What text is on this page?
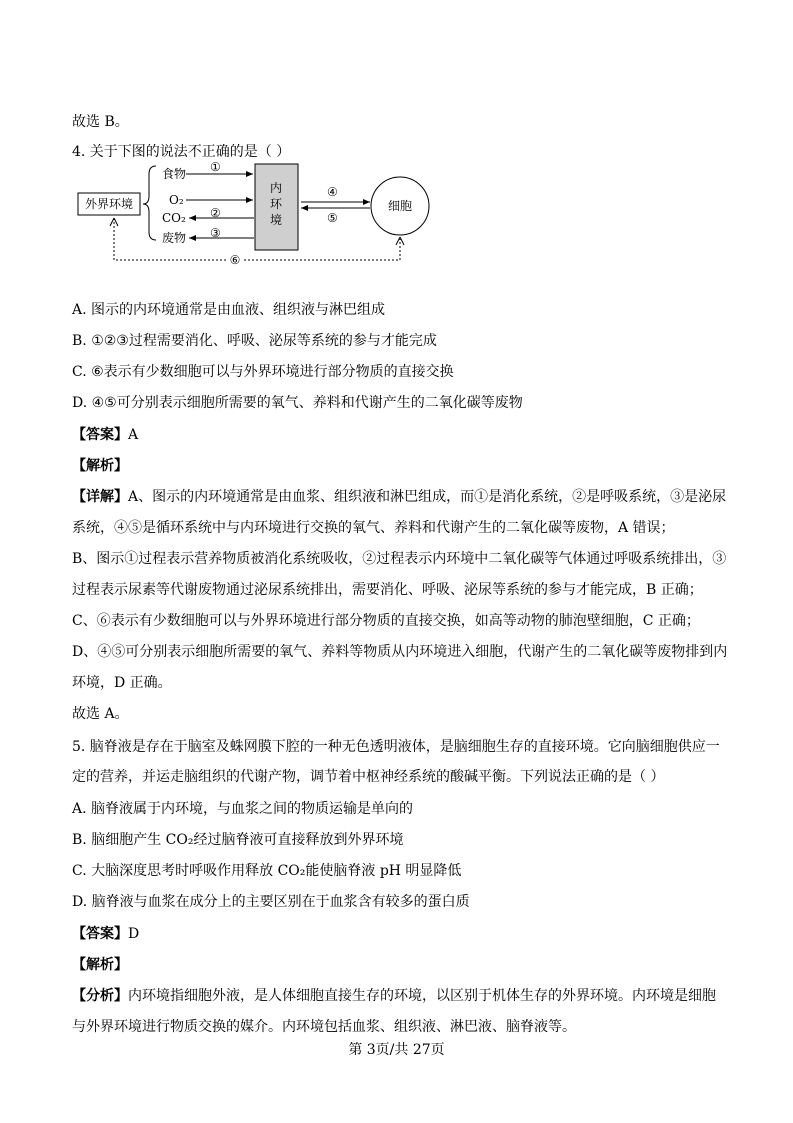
故选 B。
4. 关于下图的说法不正确的是（ ）
外界环境
食物
O₂
CO₂
废物
①
②
③
内
环
境
④
⑤
细胞
⑥
A. 图示的内环境通常是由血液、组织液与淋巴组成
B. ①②③过程需要消化、呼吸、泌尿等系统的参与才能完成
C. ⑥表示有少数细胞可以与外界环境进行部分物质的直接交换
D. ④⑤可分别表示细胞所需要的氧气、养料和代谢产生的二氧化碳等废物
【答案】A
【解析】
【详解】A、图示的内环境通常是由血浆、组织液和淋巴组成，而①是消化系统，②是呼吸系统，③是泌尿
系统，④⑤是循环系统中与内环境进行交换的氧气、养料和代谢产生的二氧化碳等废物，A 错误；
B、图示①过程表示营养物质被消化系统吸收，②过程表示内环境中二氧化碳等气体通过呼吸系统排出，③
过程表示尿素等代谢废物通过泌尿系统排出，需要消化、呼吸、泌尿等系统的参与才能完成，B 正确；
C、⑥表示有少数细胞可以与外界环境进行部分物质的直接交换，如高等动物的肺泡壁细胞，C 正确；
D、④⑤可分别表示细胞所需要的氧气、养料等物质从内环境进入细胞，代谢产生的二氧化碳等废物排到内
环境，D 正确。
故选 A。
5. 脑脊液是存在于脑室及蛛网膜下腔的一种无色透明液体，是脑细胞生存的直接环境。它向脑细胞供应一
定的营养，并运走脑组织的代谢产物，调节着中枢神经系统的酸碱平衡。下列说法正确的是（ ）
A. 脑脊液属于内环境，与血浆之间的物质运输是单向的
B. 脑细胞产生 CO₂经过脑脊液可直接释放到外界环境
C. 大脑深度思考时呼吸作用释放 CO₂能使脑脊液 pH 明显降低
D. 脑脊液与血浆在成分上的主要区别在于血浆含有较多的蛋白质
【答案】D
【解析】
【分析】内环境指细胞外液，是人体细胞直接生存的环境，以区别于机体生存的外界环境。内环境是细胞
与外界环境进行物质交换的媒介。内环境包括血浆、组织液、淋巴液、脑脊液等。
第 3页/共 27页
